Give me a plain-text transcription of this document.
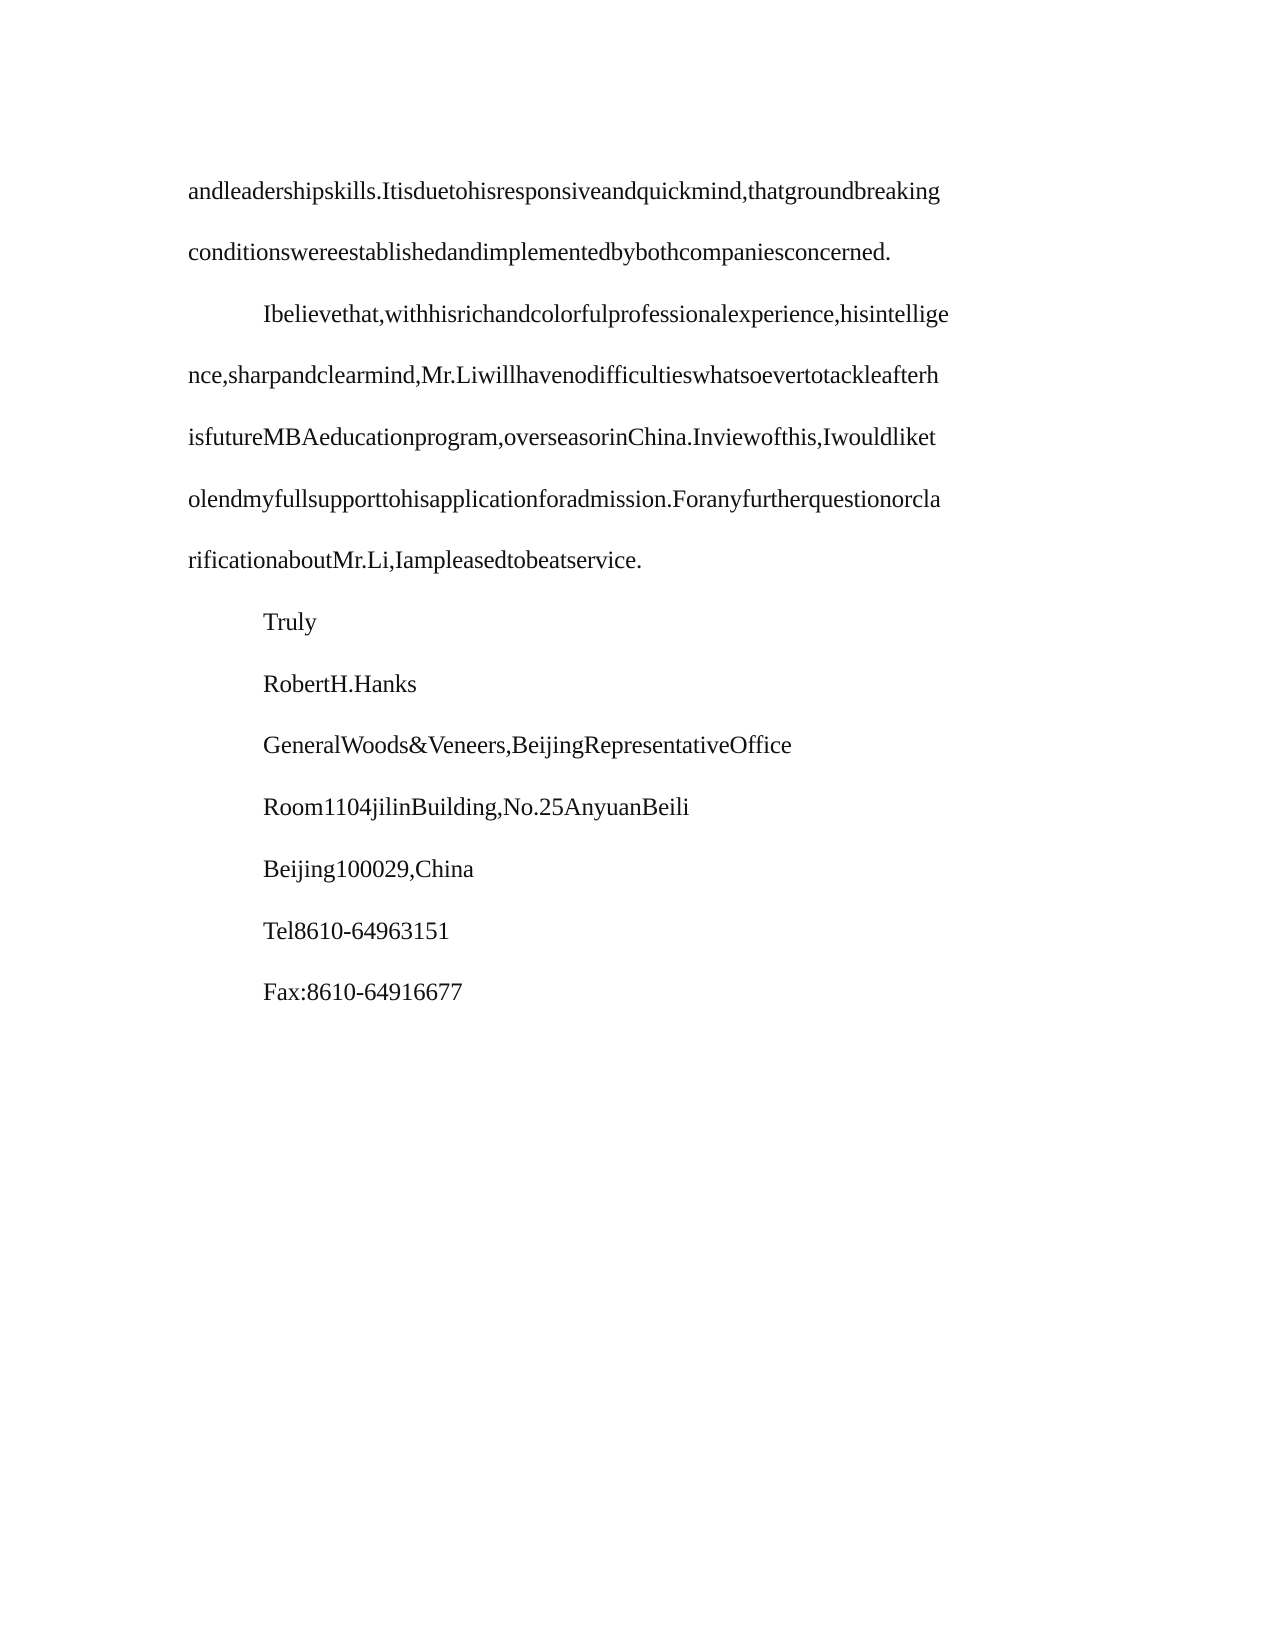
andleadershipskills.Itisduetohisresponsiveandquickmind,thatgroundbreaking
conditionswereestablishedandimplementedbybothcompaniesconcerned.
Ibelievethat,withhisrichandcolorfulprofessionalexperience,hisintellige
nce,sharpandclearmind,Mr.Liwillhavenodifficultieswhatsoevertotackleafterh
isfutureMBAeducationprogram,overseasorinChina.Inviewofthis,Iwouldliket
olendmyfullsupporttohisapplicationforadmission.Foranyfurtherquestionorcla
rificationaboutMr.Li,Iampleasedtobeatservice.
Truly
RobertH.Hanks
GeneralWoods&Veneers,BeijingRepresentativeOffice
Room1104jilinBuilding,No.25AnyuanBeili
Beijing100029,China
Tel8610-64963151
Fax:8610-64916677
